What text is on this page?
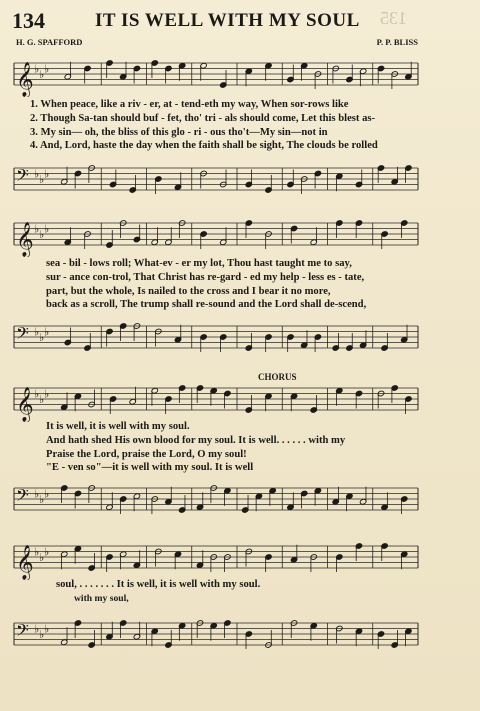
134	IT IS WELL WITH MY SOUL 135
H. G. SPAFFORD	P. P. BLISS
𝄞 ♭ ♭ ♭
1. When peace, like a riv - er, at - tend-eth my way, When sor-rows like
2. Though Sa-tan should buf - fet, tho' tri - als should come, Let this blest as-
3. My sin— oh, the bliss of this glo - ri - ous tho't—My sin—not in
4. And, Lord, haste the day when the faith shall be sight, The clouds be rolled
𝄢 ♭ ♭ ♭
𝄞 ♭ ♭ ♭
sea - bil - lows roll; What-ev - er my lot, Thou hast taught me to say,
sur - ance con-trol, That Christ has re-gard - ed my help - less es - tate,
part, but the whole, Is nailed to the cross and I bear it no more,
back as a scroll, The trump shall re-sound and the Lord shall de-scend,
𝄢 ♭ ♭ ♭
CHORUS
𝄞 ♭ ♭ ♭
It is well, it is well with my soul.
And hath shed His own blood for my soul. It is well. . . . . . with my
Praise the Lord, praise the Lord, O my soul!
"E - ven so"—it is well with my soul. It is well
𝄢 ♭ ♭ ♭
𝄞 ♭ ♭ ♭
soul, . . . . . . . It is well, it is well with my soul.
with my soul,
𝄢 ♭ ♭ ♭
